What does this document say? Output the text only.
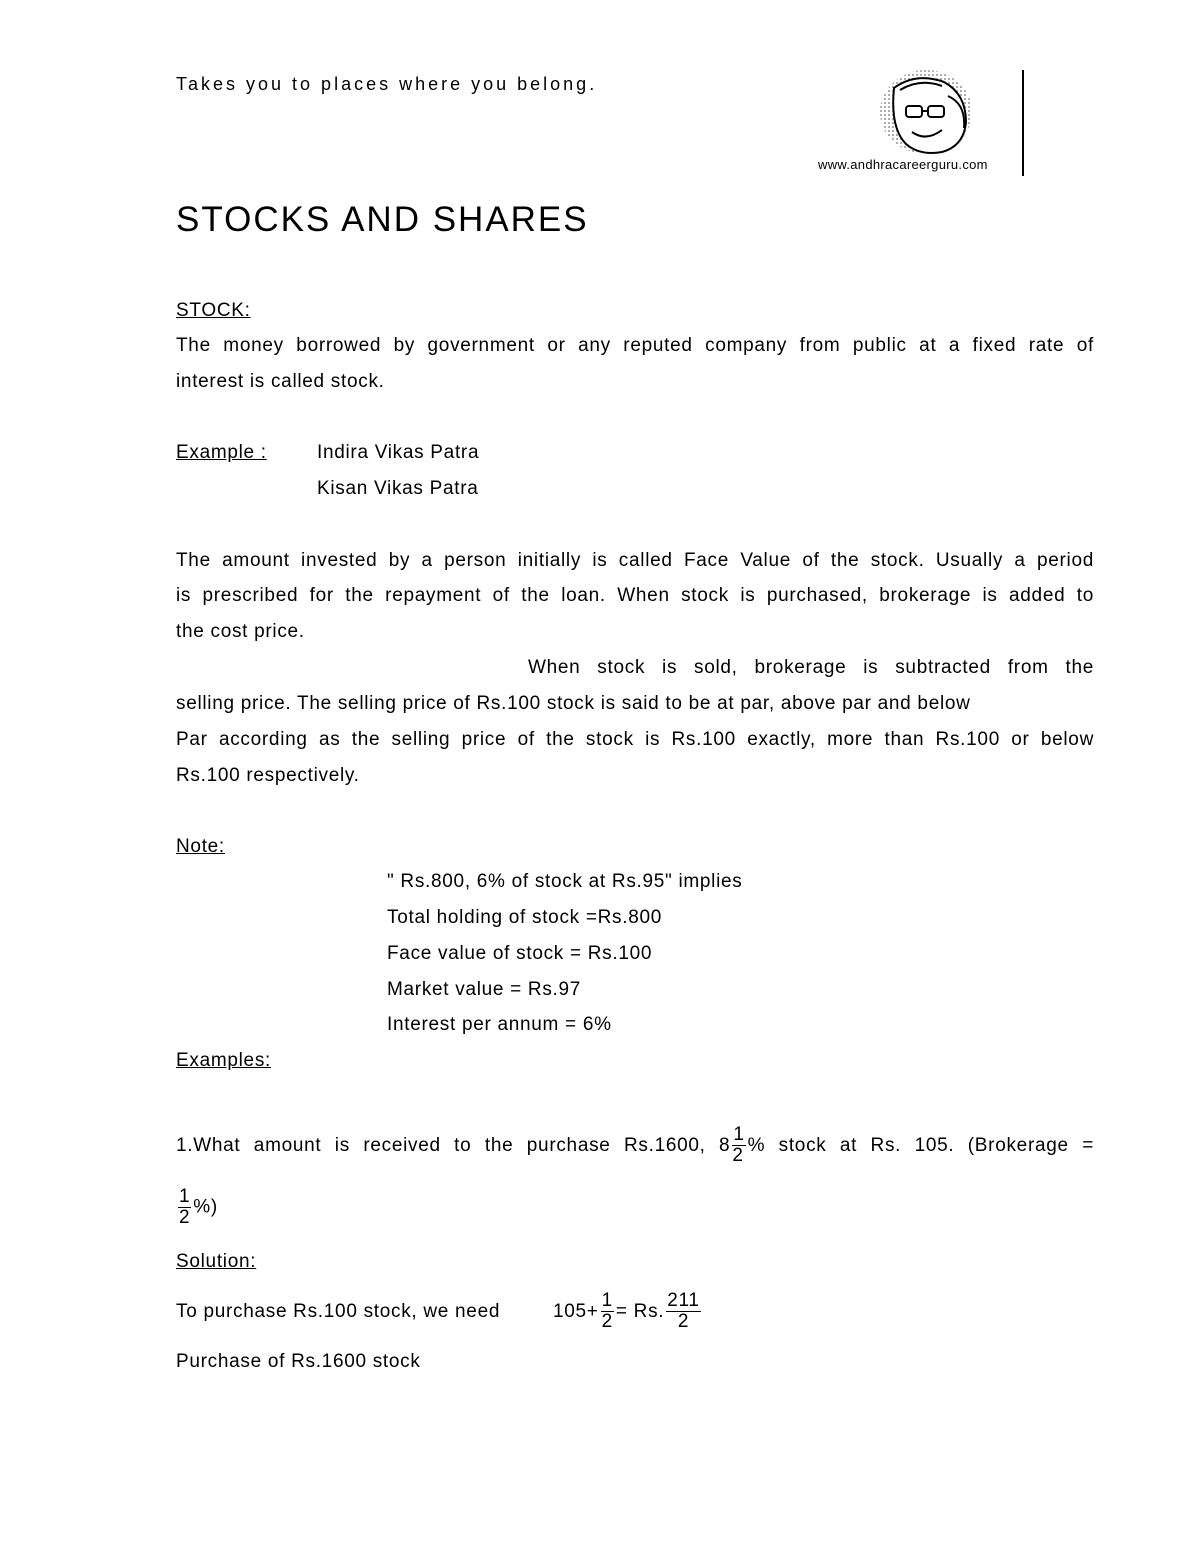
Takes you to places where you belong.
www.andhracareerguru.com
STOCKS AND SHARES
STOCK:
The money borrowed by government or any reputed company from public at a fixed rate of
interest is called stock.
Example :	Indira Vikas Patra
Kisan Vikas Patra
The amount invested by a person initially is called Face Value of the stock. Usually a period
is prescribed for the repayment of the loan. When stock is purchased, brokerage is added to
the cost price.
When stock is sold, brokerage is subtracted from the
selling price. The selling price of Rs.100 stock is said to be at par, above par and below
Par according as the selling price of the stock is Rs.100 exactly, more than Rs.100 or below
Rs.100 respectively.
Note:
" Rs.800, 6% of stock at Rs.95" implies
Total holding of stock =Rs.800
Face value of stock = Rs.100
Market value = Rs.97
Interest per annum = 6%
Examples:
1.What amount is received to the purchase Rs.1600, $8 \frac{1}{2}$ % stock at Rs. 105. (Brokerage =
$\frac{1}{2}$ %)
Solution:
To purchase Rs.100 stock, we need	$105+ \frac{1}{2} = Rs$. $\frac{211}{2}$
Purchase of Rs.1600 stock
